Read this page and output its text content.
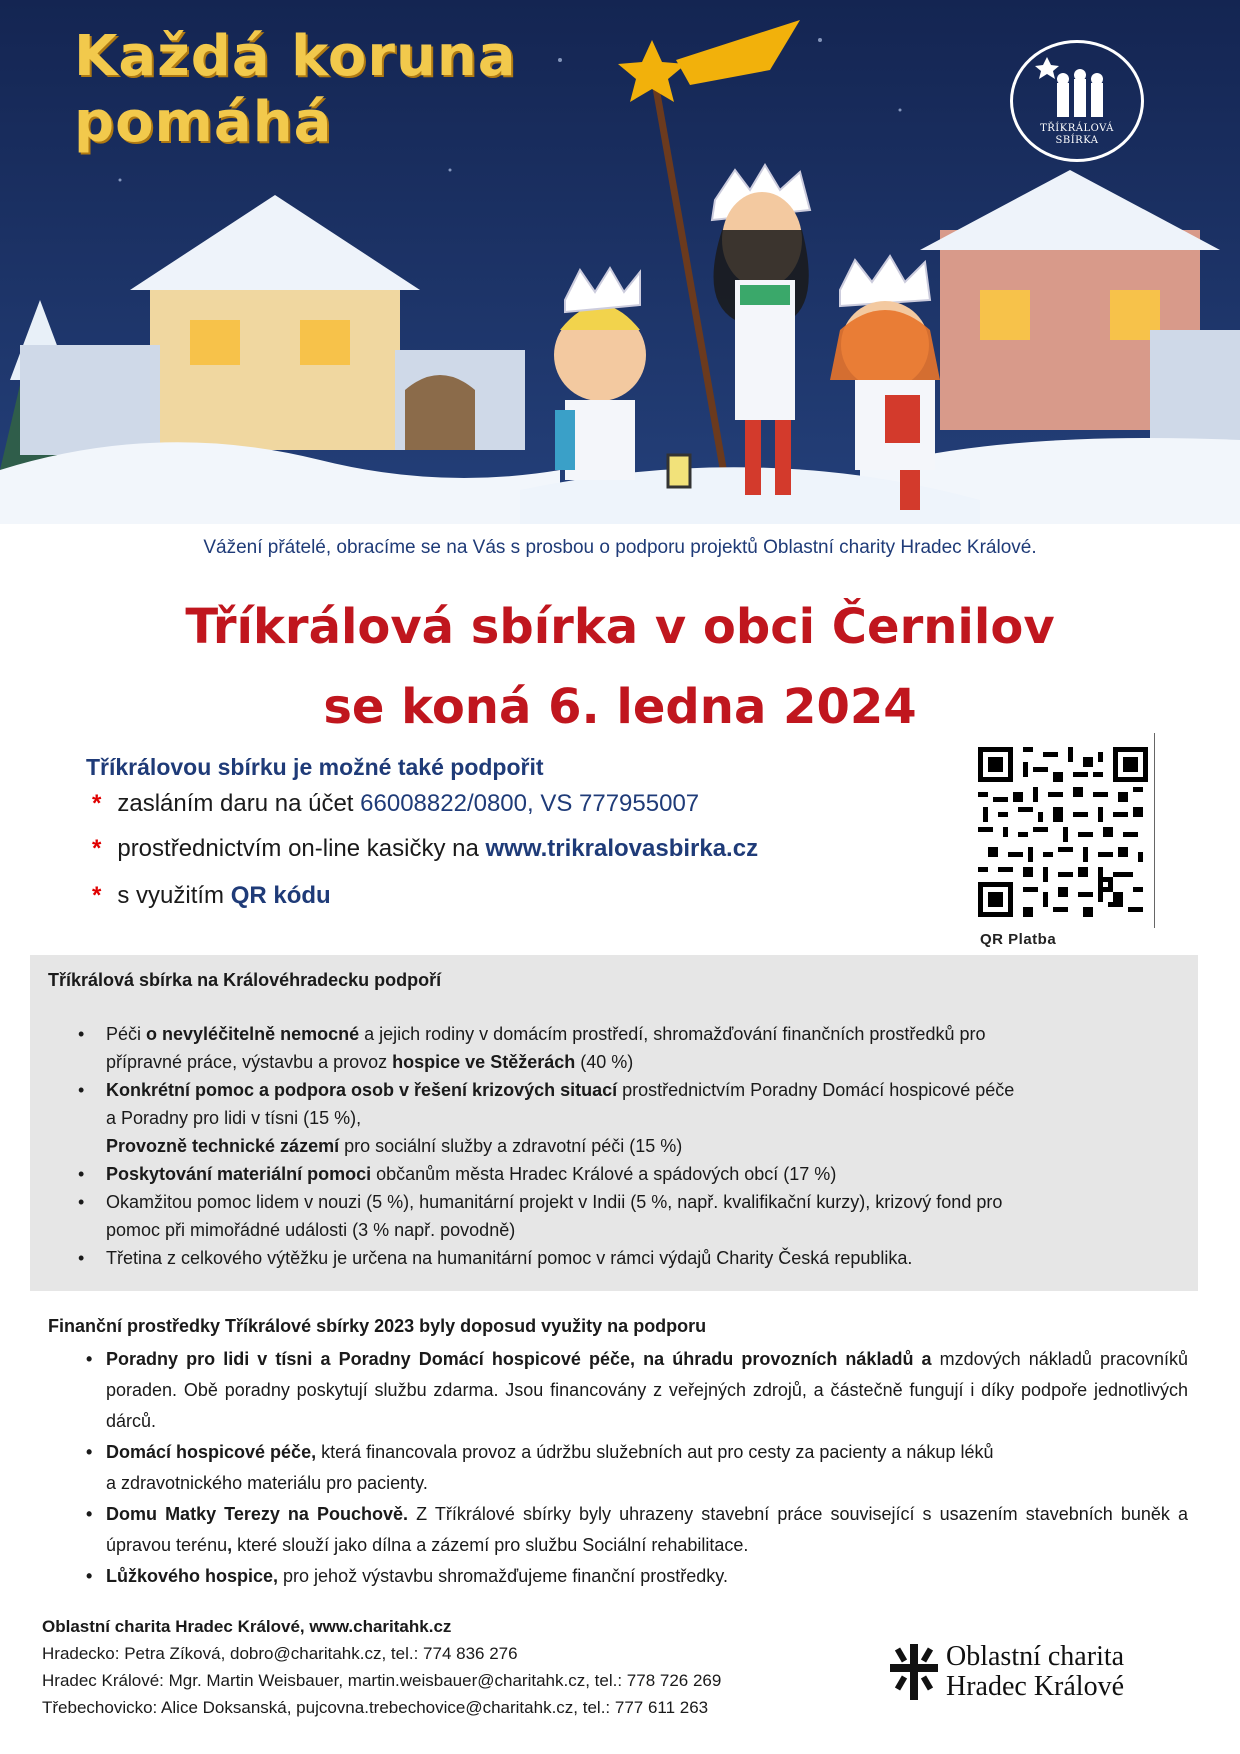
Každá koruna
pomáhá	TŘÍKRÁLOVÁ
SBÍRKA
Vážení přátelé, obracíme se na Vás s prosbou o podporu projektů Oblastní charity Hradec Králové.
Tříkrálová sbírka v obci Černilov
se koná 6. ledna 2024
Tříkrálovou sbírku je možné také podpořit
* zasláním daru na účet 66008822/0800, VS 777955007
* prostřednictvím on-line kasičky na www.trikralovasbirka.cz
* s využitím QR kódu
QR Platba
Tříkrálová sbírka na Královéhradecku podpoří
• Péči o nevyléčitelně nemocné a jejich rodiny v domácím prostředí, shromažďování finančních prostředků pro
přípravné práce, výstavbu a provoz hospice ve Stěžerách (40 %)
• Konkrétní pomoc a podpora osob v řešení krizových situací prostřednictvím Poradny Domácí hospicové péče
a Poradny pro lidi v tísni (15 %),
Provozně technické zázemí pro sociální služby a zdravotní péči (15 %)
• Poskytování materiální pomoci občanům města Hradec Králové a spádových obcí (17 %)
• Okamžitou pomoc lidem v nouzi (5 %), humanitární projekt v Indii (5 %, např. kvalifikační kurzy), krizový fond pro
pomoc při mimořádné události (3 % např. povodně)
• Třetina z celkového výtěžku je určena na humanitární pomoc v rámci výdajů Charity Česká republika.
Finanční prostředky Tříkrálové sbírky 2023 byly doposud využity na podporu
• Poradny pro lidi v tísni a Poradny Domácí hospicové péče, na úhradu provozních nákladů a mzdových nákladů pracovníků poraden. Obě poradny poskytují službu zdarma. Jsou financovány z veřejných zdrojů, a částečně fungují i díky podpoře jednotlivých dárců.
• Domácí hospicové péče, která financovala provoz a údržbu služebních aut pro cesty za pacienty a nákup léků
a zdravotnického materiálu pro pacienty.
• Domu Matky Terezy na Pouchově. Z Tříkrálové sbírky byly uhrazeny stavební práce související s usazením stavebních buněk a úpravou terénu, které slouží jako dílna a zázemí pro službu Sociální rehabilitace.
• Lůžkového hospice, pro jehož výstavbu shromažďujeme finanční prostředky.
Oblastní charita Hradec Králové, www.charitahk.cz
Hradecko: Petra Zíková, dobro@charitahk.cz, tel.: 774 836 276
Hradec Králové: Mgr. Martin Weisbauer, martin.weisbauer@charitahk.cz, tel.: 778 726 269
Třebechovicko: Alice Doksanská, pujcovna.trebechovice@charitahk.cz, tel.: 777 611 263
Oblastní charita
Hradec Králové
